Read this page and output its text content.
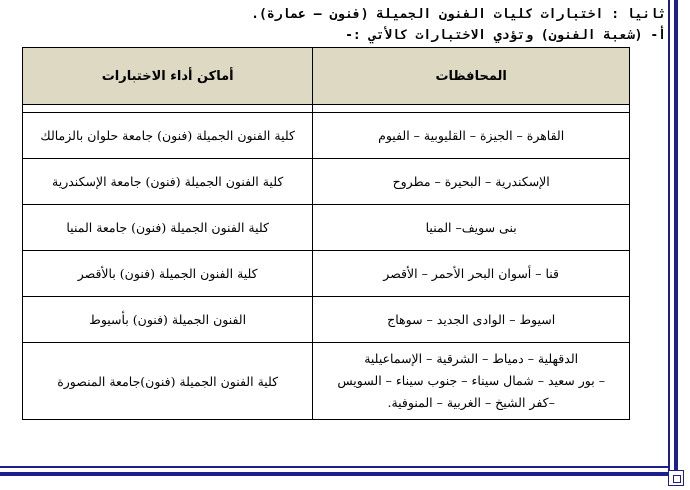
ثانيا : اختبارات كليات الفنون الجميلة (فنون – عمارة).
أ- (شعبة الفنون) وتؤدي الاختبارات كالأتي :-
المحافظات	أماكن أداء الاختبارات

القاهرة – الجيزة – القليوبية – الفيوم	كلية الفنون الجميلة (فنون) جامعة حلوان بالزمالك
الإسكندرية – البحيرة – مطروح	كلية الفنون الجميلة (فنون) جامعة الإسكندرية
بنى سويف– المنيا	كلية الفنون الجميلة (فنون) جامعة المنيا
قنا – أسوان البحر الأحمر – الأقصر	كلية الفنون الجميلة (فنون) بالأقصر
اسيوط – الوادى الجديد – سوهاج	الفنون الجميلة (فنون) بأسيوط

الدقهلية – دمياط – الشرقية – الإسماعيلية
– بور سعيد – شمال سيناء – جنوب سيناء – السويس
–كفر الشيخ – الغربية – المنوفية.	كلية الفنون الجميلة (فنون)جامعة المنصورة
